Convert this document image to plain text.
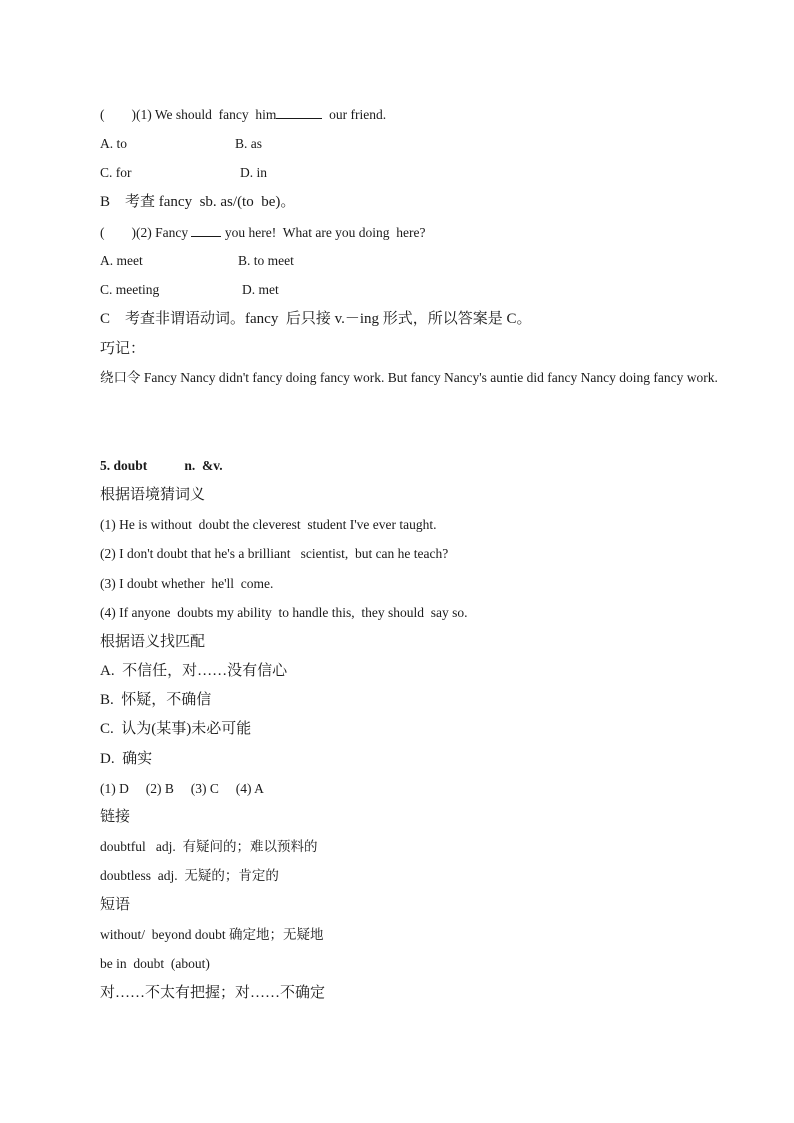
(        )(1) We should  fancy  him	our friend.
A. to	B. as
C. for	D. in
B    考查 fancy  sb. as/(to  be)。
(        )(2) Fancy  you here!  What are you doing  here?
A. meet	B. to meet
C. meeting	D. met
C    考查非谓语动词。fancy  后只接 v.－ing 形式，所以答案是 C。
巧记：
绕口令 Fancy Nancy didn't fancy doing fancy work. But fancy Nancy's auntie did fancy Nancy doing fancy work.
5. doubt           n.  &v.
根据语境猜词义
(1) He is without  doubt the cleverest  student I've ever taught.
(2) I don't doubt that he's a brilliant   scientist,  but can he teach?
(3) I doubt whether  he'll  come.
(4) If anyone  doubts my ability  to handle this,  they should  say so.
根据语义找匹配
A.  不信任，对……没有信心
B.  怀疑，不确信
C.  认为(某事)未必可能
D.  确实
(1) D     (2) B     (3) C     (4) A
链接
doubtful   adj.  有疑问的；难以预料的
doubtless  adj.  无疑的；肯定的
短语
without/  beyond doubt 确定地；无疑地
be in  doubt  (about)
对……不太有把握；对……不确定
